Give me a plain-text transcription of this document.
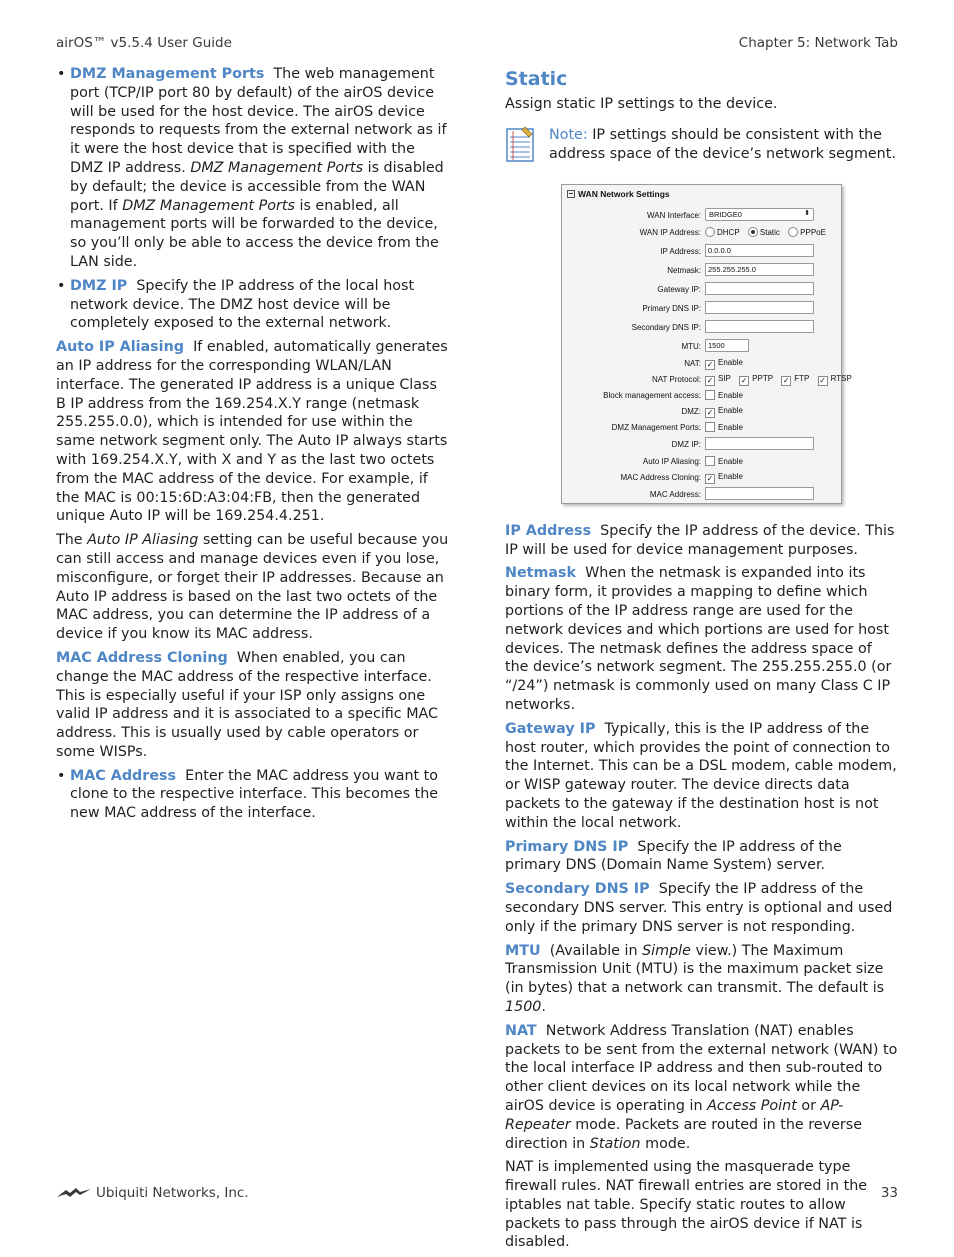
airOS™ v5.5.4 User Guide	Chapter 5: Network Tab
• DMZ Management Ports The web management port (TCP/IP port 80 by default) of the airOS device will be used for the host device. The airOS device responds to requests from the external network as if it were the host device that is specified with the DMZ IP address. DMZ Management Ports is disabled by default; the device is accessible from the WAN port. If DMZ Management Ports is enabled, all management ports will be forwarded to the device, so you’ll only be able to access the device from the LAN side.
• DMZ IP Specify the IP address of the local host network device. The DMZ host device will be completely exposed to the external network.

Auto IP Aliasing If enabled, automatically generates an IP address for the corresponding WLAN/LAN interface. The generated IP address is a unique Class B IP address from the 169.254.X.Y range (netmask 255.255.0.0), which is intended for use within the same network segment only. The Auto IP always starts with 169.254.X.Y, with X and Y as the last two octets from the MAC address of the device. For example, if the MAC is 00:15:6D:A3:04:FB, then the generated unique Auto IP will be 169.254.4.251.

The Auto IP Aliasing setting can be useful because you can still access and manage devices even if you lose, misconfigure, or forget their IP addresses. Because an Auto IP address is based on the last two octets of the MAC address, you can determine the IP address of a device if you know its MAC address.

MAC Address Cloning When enabled, you can change the MAC address of the respective interface. This is especially useful if your ISP only assigns one valid IP address and it is associated to a specific MAC address. This is usually used by cable operators or some WISPs.

• MAC Address Enter the MAC address you want to clone to the respective interface. This becomes the new MAC address of the interface.
Static

Assign static IP settings to the device.

Note: IP settings should be consistent with the address space of the device’s network segment.
WAN Network Settings
WAN Interface:	BRIDGE0	⬍
WAN IP Address:	DHCP	Static	PPPoE
IP Address: 0.0.0.0
Netmask: 255.255.255.0
Gateway IP:
Primary DNS IP:
Secondary DNS IP:
MTU: 1500
NAT: ✓ Enable
NAT Protocol: ✓ SIP ✓ PPTP ✓ FTP ✓ RTSP
Block management access:	Enable
DMZ: ✓ Enable
DMZ Management Ports:	Enable
DMZ IP:
Auto IP Aliasing:	Enable
MAC Address Cloning: ✓ Enable
MAC Address:

IP Address Specify the IP address of the device. This IP will be used for device management purposes.

Netmask When the netmask is expanded into its binary form, it provides a mapping to define which portions of the IP address range are used for the network devices and which portions are used for host devices. The netmask defines the address space of the device’s network segment. The 255.255.255.0 (or “/24”) netmask is commonly used on many Class C IP networks.

Gateway IP Typically, this is the IP address of the host router, which provides the point of connection to the Internet. This can be a DSL modem, cable modem, or WISP gateway router. The device directs data packets to the gateway if the destination host is not within the local network.

Primary DNS IP Specify the IP address of the primary DNS (Domain Name System) server.

Secondary DNS IP Specify the IP address of the secondary DNS server. This entry is optional and used only if the primary DNS server is not responding.

MTU (Available in Simple view.) The Maximum Transmission Unit (MTU) is the maximum packet size (in bytes) that a network can transmit. The default is 1500.

NAT Network Address Translation (NAT) enables packets to be sent from the external network (WAN) to the local interface IP address and then sub-routed to other client devices on its local network while the airOS device is operating in Access Point or AP-Repeater mode. Packets are routed in the reverse direction in Station mode.

NAT is implemented using the masquerade type firewall rules. NAT firewall entries are stored in the iptables nat table. Specify static routes to allow packets to pass through the airOS device if NAT is disabled.

Ubiquiti Networks, Inc.	33
